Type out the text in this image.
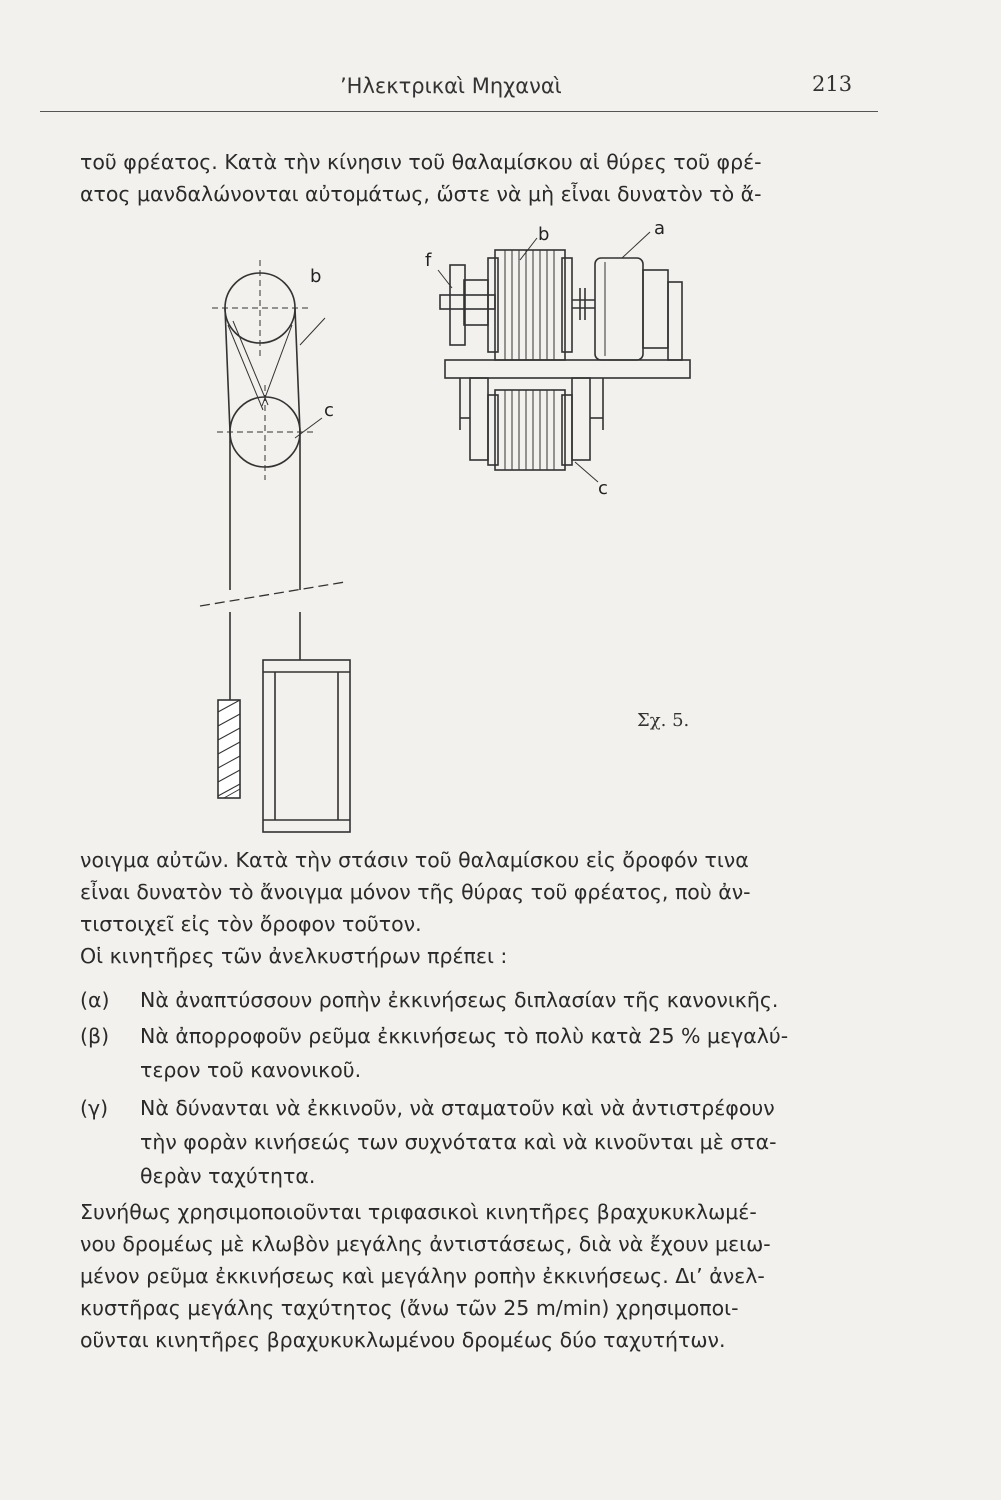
’Ηλεκτρικαὶ Μηχαναὶ	213
τοῦ φρέατος. Κατὰ τὴν κίνησιν τοῦ θαλαμίσκου αἱ θύρες τοῦ φρέ-
ατος μανδαλώνονται αὐτομάτως, ὥστε νὰ μὴ εἶναι δυνατὸν τὸ ἄ-
b
c
f
b	a
c
Σχ. 5.
νοιγμα αὐτῶν. Κατὰ τὴν στάσιν τοῦ θαλαμίσκου εἰς ὄροφόν τινα
εἶναι δυνατὸν τὸ ἄνοιγμα μόνον τῆς θύρας τοῦ φρέατος, ποὺ ἀν-
τιστοιχεῖ εἰς τὸν ὄροφον τοῦτον.
Οἱ κινητῆρες τῶν ἀνελκυστήρων πρέπει :
(α) Νὰ ἀναπτύσσουν ροπὴν ἐκκινήσεως διπλασίαν τῆς κανονικῆς.
(β) Νὰ ἀπορροφοῦν ρεῦμα ἐκκινήσεως τὸ πολὺ κατὰ 25 % μεγαλύ-
τερον τοῦ κανονικοῦ.
(γ) Νὰ δύνανται νὰ ἐκκινοῦν, νὰ σταματοῦν καὶ νὰ ἀντιστρέφουν
τὴν φορὰν κινήσεώς των συχνότατα καὶ νὰ κινοῦνται μὲ στα-
θερὰν ταχύτητα.
Συνήθως χρησιμοποιοῦνται τριφασικοὶ κινητῆρες βραχυκυκλωμέ-
νου δρομέως μὲ κλωβὸν μεγάλης ἀντιστάσεως, διὰ νὰ ἔχουν μειω-
μένον ρεῦμα ἐκκινήσεως καὶ μεγάλην ροπὴν ἐκκινήσεως. Δι’ ἀνελ-
κυστῆρας μεγάλης ταχύτητος (ἄνω τῶν 25 m/min) χρησιμοποι-
οῦνται κινητῆρες βραχυκυκλωμένου δρομέως δύο ταχυτήτων.
